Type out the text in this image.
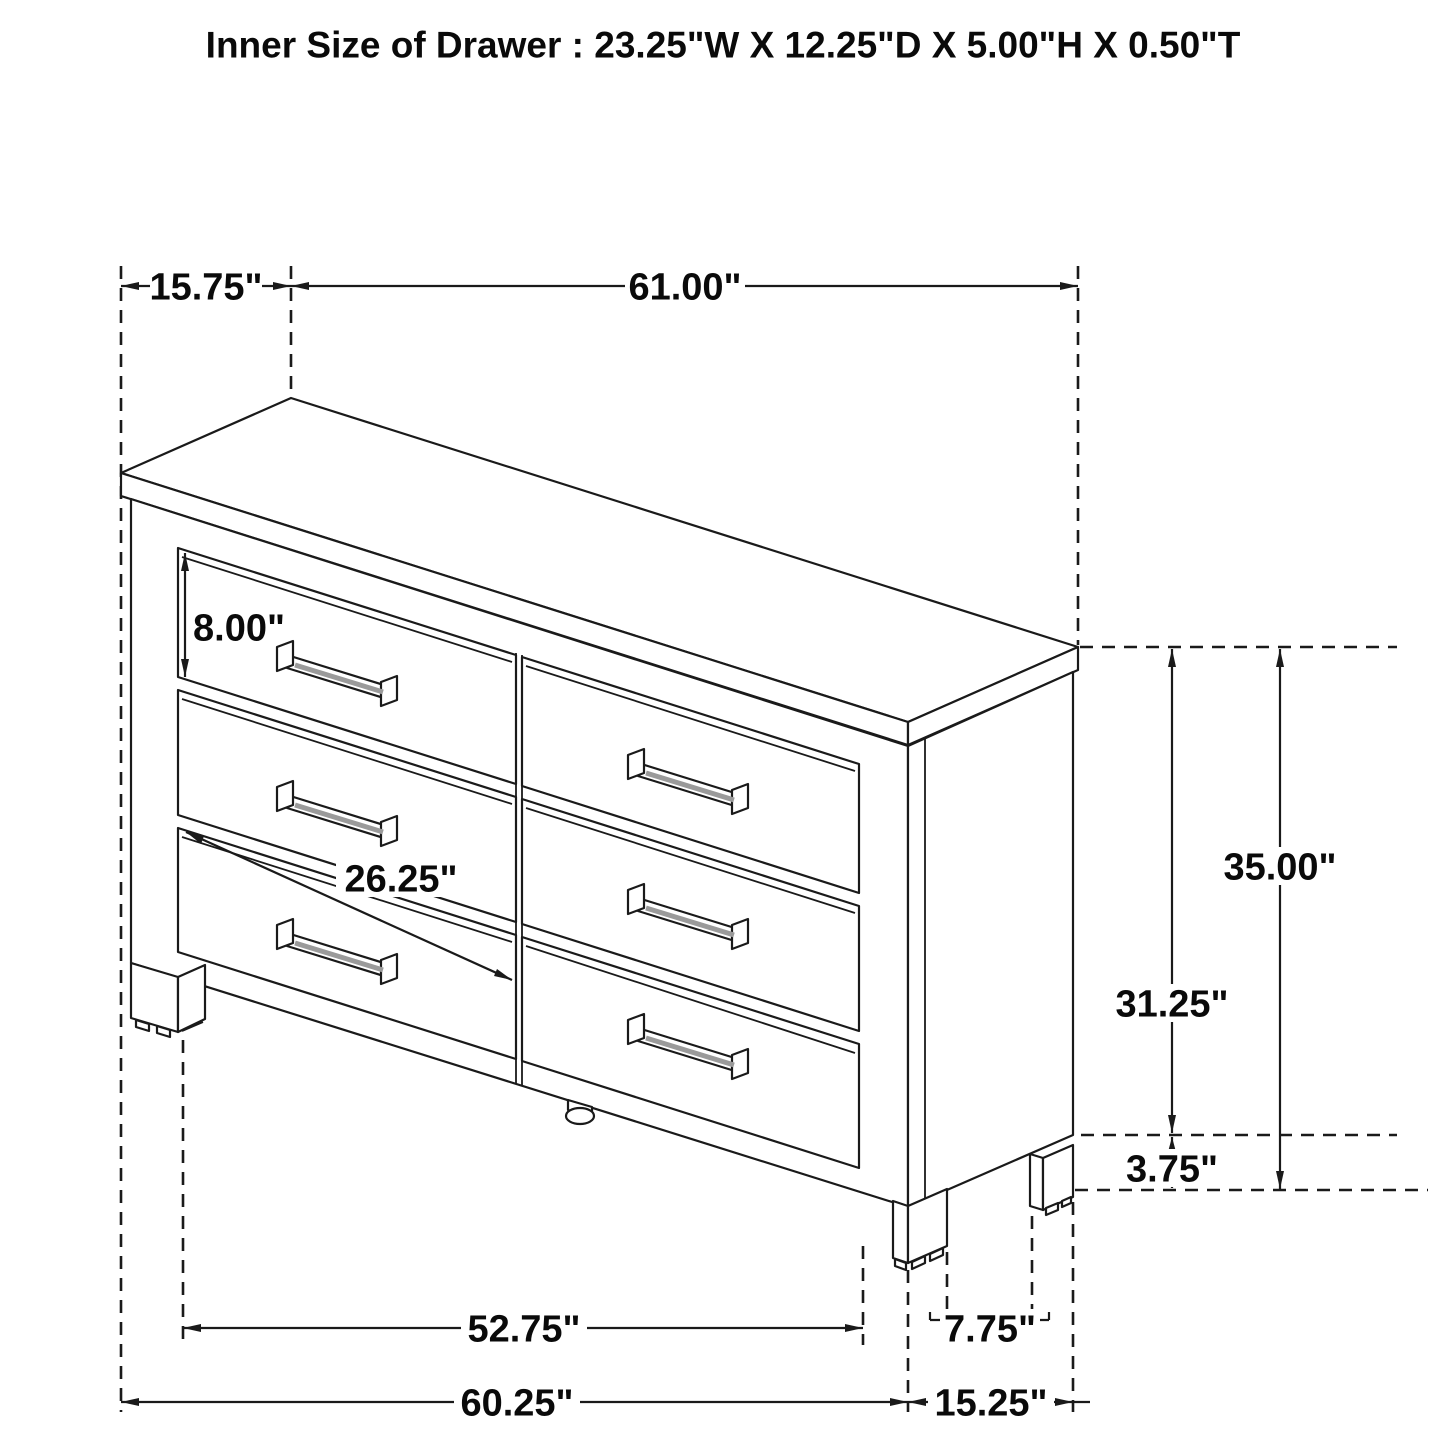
Inner Size of Drawer : 23.25"W X 12.25"D X 5.00"H X 0.50"T
15.75"	61.00"
8.00"
26.25"	35.00"
31.25"
3.75"
52.75"	7.75"
60.25"	15.25"
